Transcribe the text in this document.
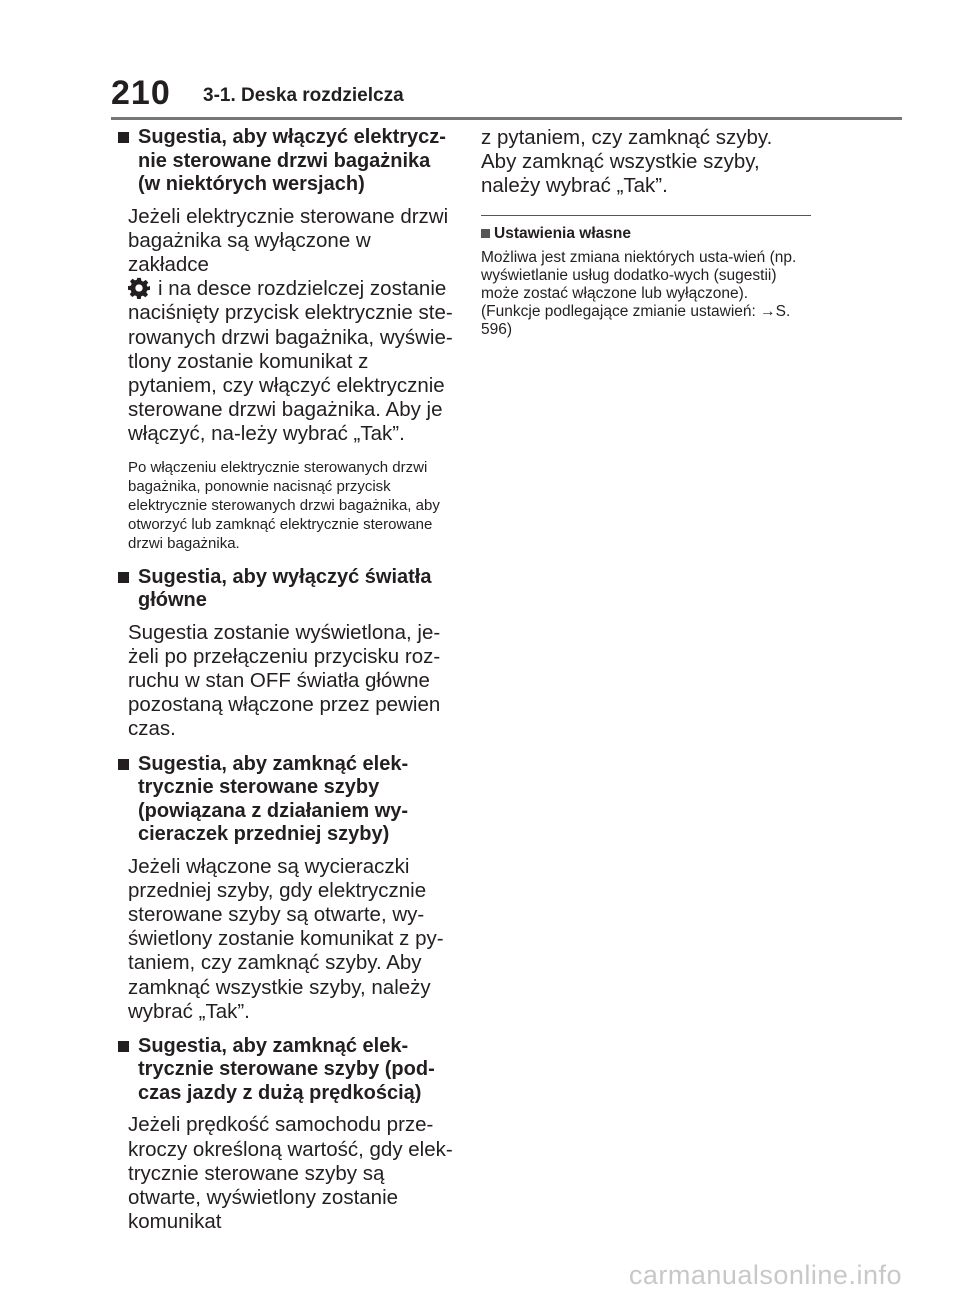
210 3-1. Deska rozdzielcza
Sugestia, aby włączyć elektrycz-nie sterowane drzwi bagażnika (w niektórych wersjach)

Jeżeli elektrycznie sterowane drzwi bagażnika są wyłączone w zakładce

i na desce rozdzielczej zostanie naciśnięty przycisk elektrycznie ste-rowanych drzwi bagażnika, wyświe-tlony zostanie komunikat z pytaniem, czy włączyć elektrycznie sterowane drzwi bagażnika. Aby je włączyć, na-leży wybrać „Tak”.

Po włączeniu elektrycznie sterowanych drzwi bagażnika, ponownie nacisnąć przycisk elektrycznie sterowanych drzwi bagażnika, aby otworzyć lub zamknąć elektrycznie sterowane drzwi bagażnika.

Sugestia, aby wyłączyć światła główne

Sugestia zostanie wyświetlona, je-żeli po przełączeniu przycisku roz-ruchu w stan OFF światła główne pozostaną włączone przez pewien czas.

Sugestia, aby zamknąć elek-trycznie sterowane szyby (powiązana z działaniem wy-cieraczek przedniej szyby)

Jeżeli włączone są wycieraczki przedniej szyby, gdy elektrycznie sterowane szyby są otwarte, wy-świetlony zostanie komunikat z py-taniem, czy zamknąć szyby. Aby zamknąć wszystkie szyby, należy wybrać „Tak”.

Sugestia, aby zamknąć elek-trycznie sterowane szyby (pod-czas jazdy z dużą prędkością)

Jeżeli prędkość samochodu prze-kroczy określoną wartość, gdy elek-trycznie sterowane szyby są otwarte, wyświetlony zostanie komunikat

z pytaniem, czy zamknąć szyby. Aby zamknąć wszystkie szyby, należy wybrać „Tak”.

Ustawienia własne

Możliwa jest zmiana niektórych usta-wień (np. wyświetlanie usług dodatko-wych (sugestii) może zostać włączone lub wyłączone). (Funkcje podlegające zmianie ustawień: →S. 596)

carmanualsonline.info
